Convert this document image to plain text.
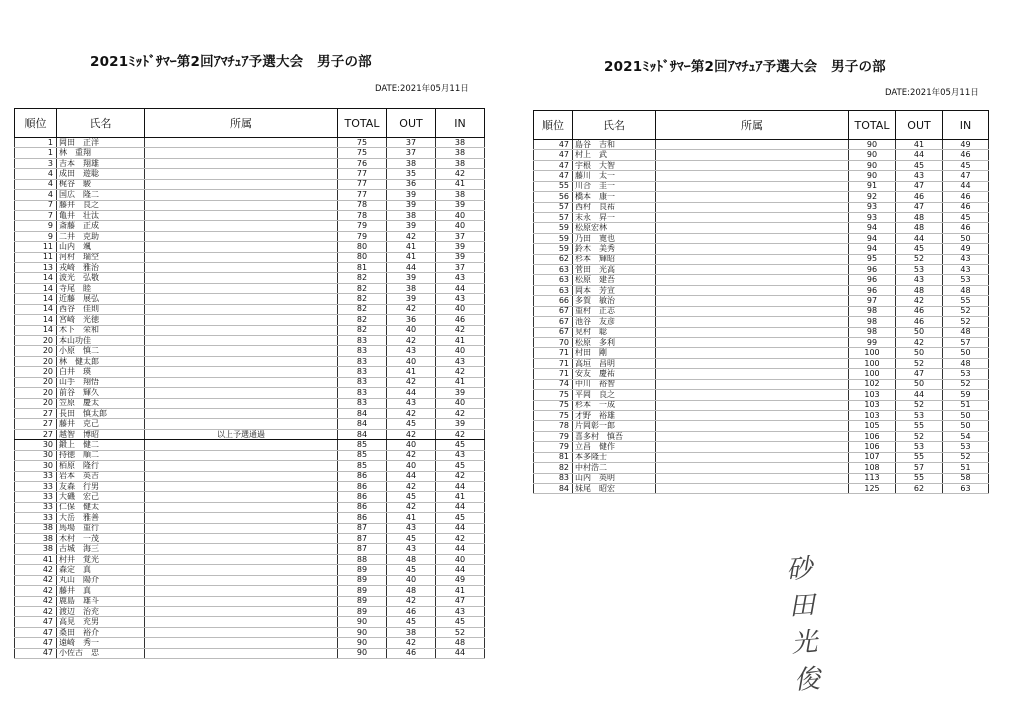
2021ﾐｯﾄﾞｻﾏｰ第2回ｱﾏﾁｭｱ予選大会　男子の部
DATE:2021年05月11日
順位	氏名	所属	TOTAL	OUT	IN
1	岡田　正洋		75	37	38
1	林　重翔		75	37	38
3	吉本　翔雄		76	38	38
4	成田　遊聡		77	35	42
4	梶谷　駿		77	36	41
4	国広　隆二		77	39	38
7	藤井　良之		78	39	39
7	亀井　壮汰		78	38	40
9	斎藤　正成		79	39	40
9	二井　克助		79	42	37
11	山内　颯		80	41	39
11	河村　瑞空		80	41	39
13	戎崎　雅治		81	44	37
14	波光　弘敬		82	39	43
14	寺尾　睦		82	38	44
14	近藤　展弘		82	39	43
14	西谷　佳則		82	42	40
14	宮崎　光徳		82	36	46
14	木下　栄和		82	40	42
20	本山功佳		83	42	41
20	小原　慎二		83	43	40
20	林　健太郎		83	40	43
20	白井　瑛		83	41	42
20	山手　翔悟		83	42	41
20	前谷　輝久		83	44	39
20	笠原　慶太		83	43	40
27	長田　慎太郎		84	42	42
27	藤井　克己		84	45	39
27	越智　博昭	以上予選通過	84	42	42
30	鍛上　健二		85	40	45
30	持徳　順二		85	42	43
30	栢原　隆行		85	40	45
33	岩本　英吉		86	44	42
33	友森　行男		86	42	44
33	大磯　宏己		86	45	41
33	仁保　健太		86	42	44
33	大岳　雅善		86	41	45
38	馬場　重行		87	43	44
38	木村　一茂		87	45	42
38	古城　海三		87	43	44
41	村井　覚光		88	48	40
42	森定　真		89	45	44
42	丸山　陽介		89	40	49
42	藤井　真		89	48	41
42	鹿島　雄斗		89	42	47
42	渡辺　治充		89	46	43
47	高見　充男		90	45	45
47	桑田　裕介		90	38	52
47	遠崎　秀一		90	42	48
47	小佐古　忠		90	46	44
2021ﾐｯﾄﾞｻﾏｰ第2回ｱﾏﾁｭｱ予選大会　男子の部
DATE:2021年05月11日
順位	氏名	所属	TOTAL	OUT	IN
47	島谷　吉和		90	41	49
47	村上　武		90	44	46
47	宇根　大智		90	45	45
47	藤川　太一		90	43	47
55	川合　圭一		91	47	44
56	橋本　康一		92	46	46
57	西村　良祐		93	47	46
57	末永　昇一		93	48	45
59	松原宏林		94	48	46
59	乃田　寛也		94	44	50
59	鈴木　美秀		94	45	49
62	杉本　輝昭		95	52	43
63	菅田　光高		96	53	43
63	松原　建吾		96	43	53
63	岡本　芳宣		96	48	48
66	多賀　敏治		97	42	55
67	重村　正志		98	46	52
67	池谷　友彦		98	46	52
67	見村　聡		98	50	48
70	松原　多利		99	42	57
71	村田　剛		100	50	50
71	高垣　昌明		100	52	48
71	安友　慶祐		100	47	53
74	中川　裕智		102	50	52
75	平岡　良之		103	44	59
75	杉本　一成		103	52	51
75	才野　裕雄		103	53	50
78	片岡彰一郎		105	55	50
79	喜多村　慎吾		106	52	54
79	立昌　健作		106	53	53
81	本多隆士		107	55	52
82	中村浩二		108	57	51
83	山内　英明		113	55	58
84	妹尾　昭宏		125	62	63
砂田光俊
